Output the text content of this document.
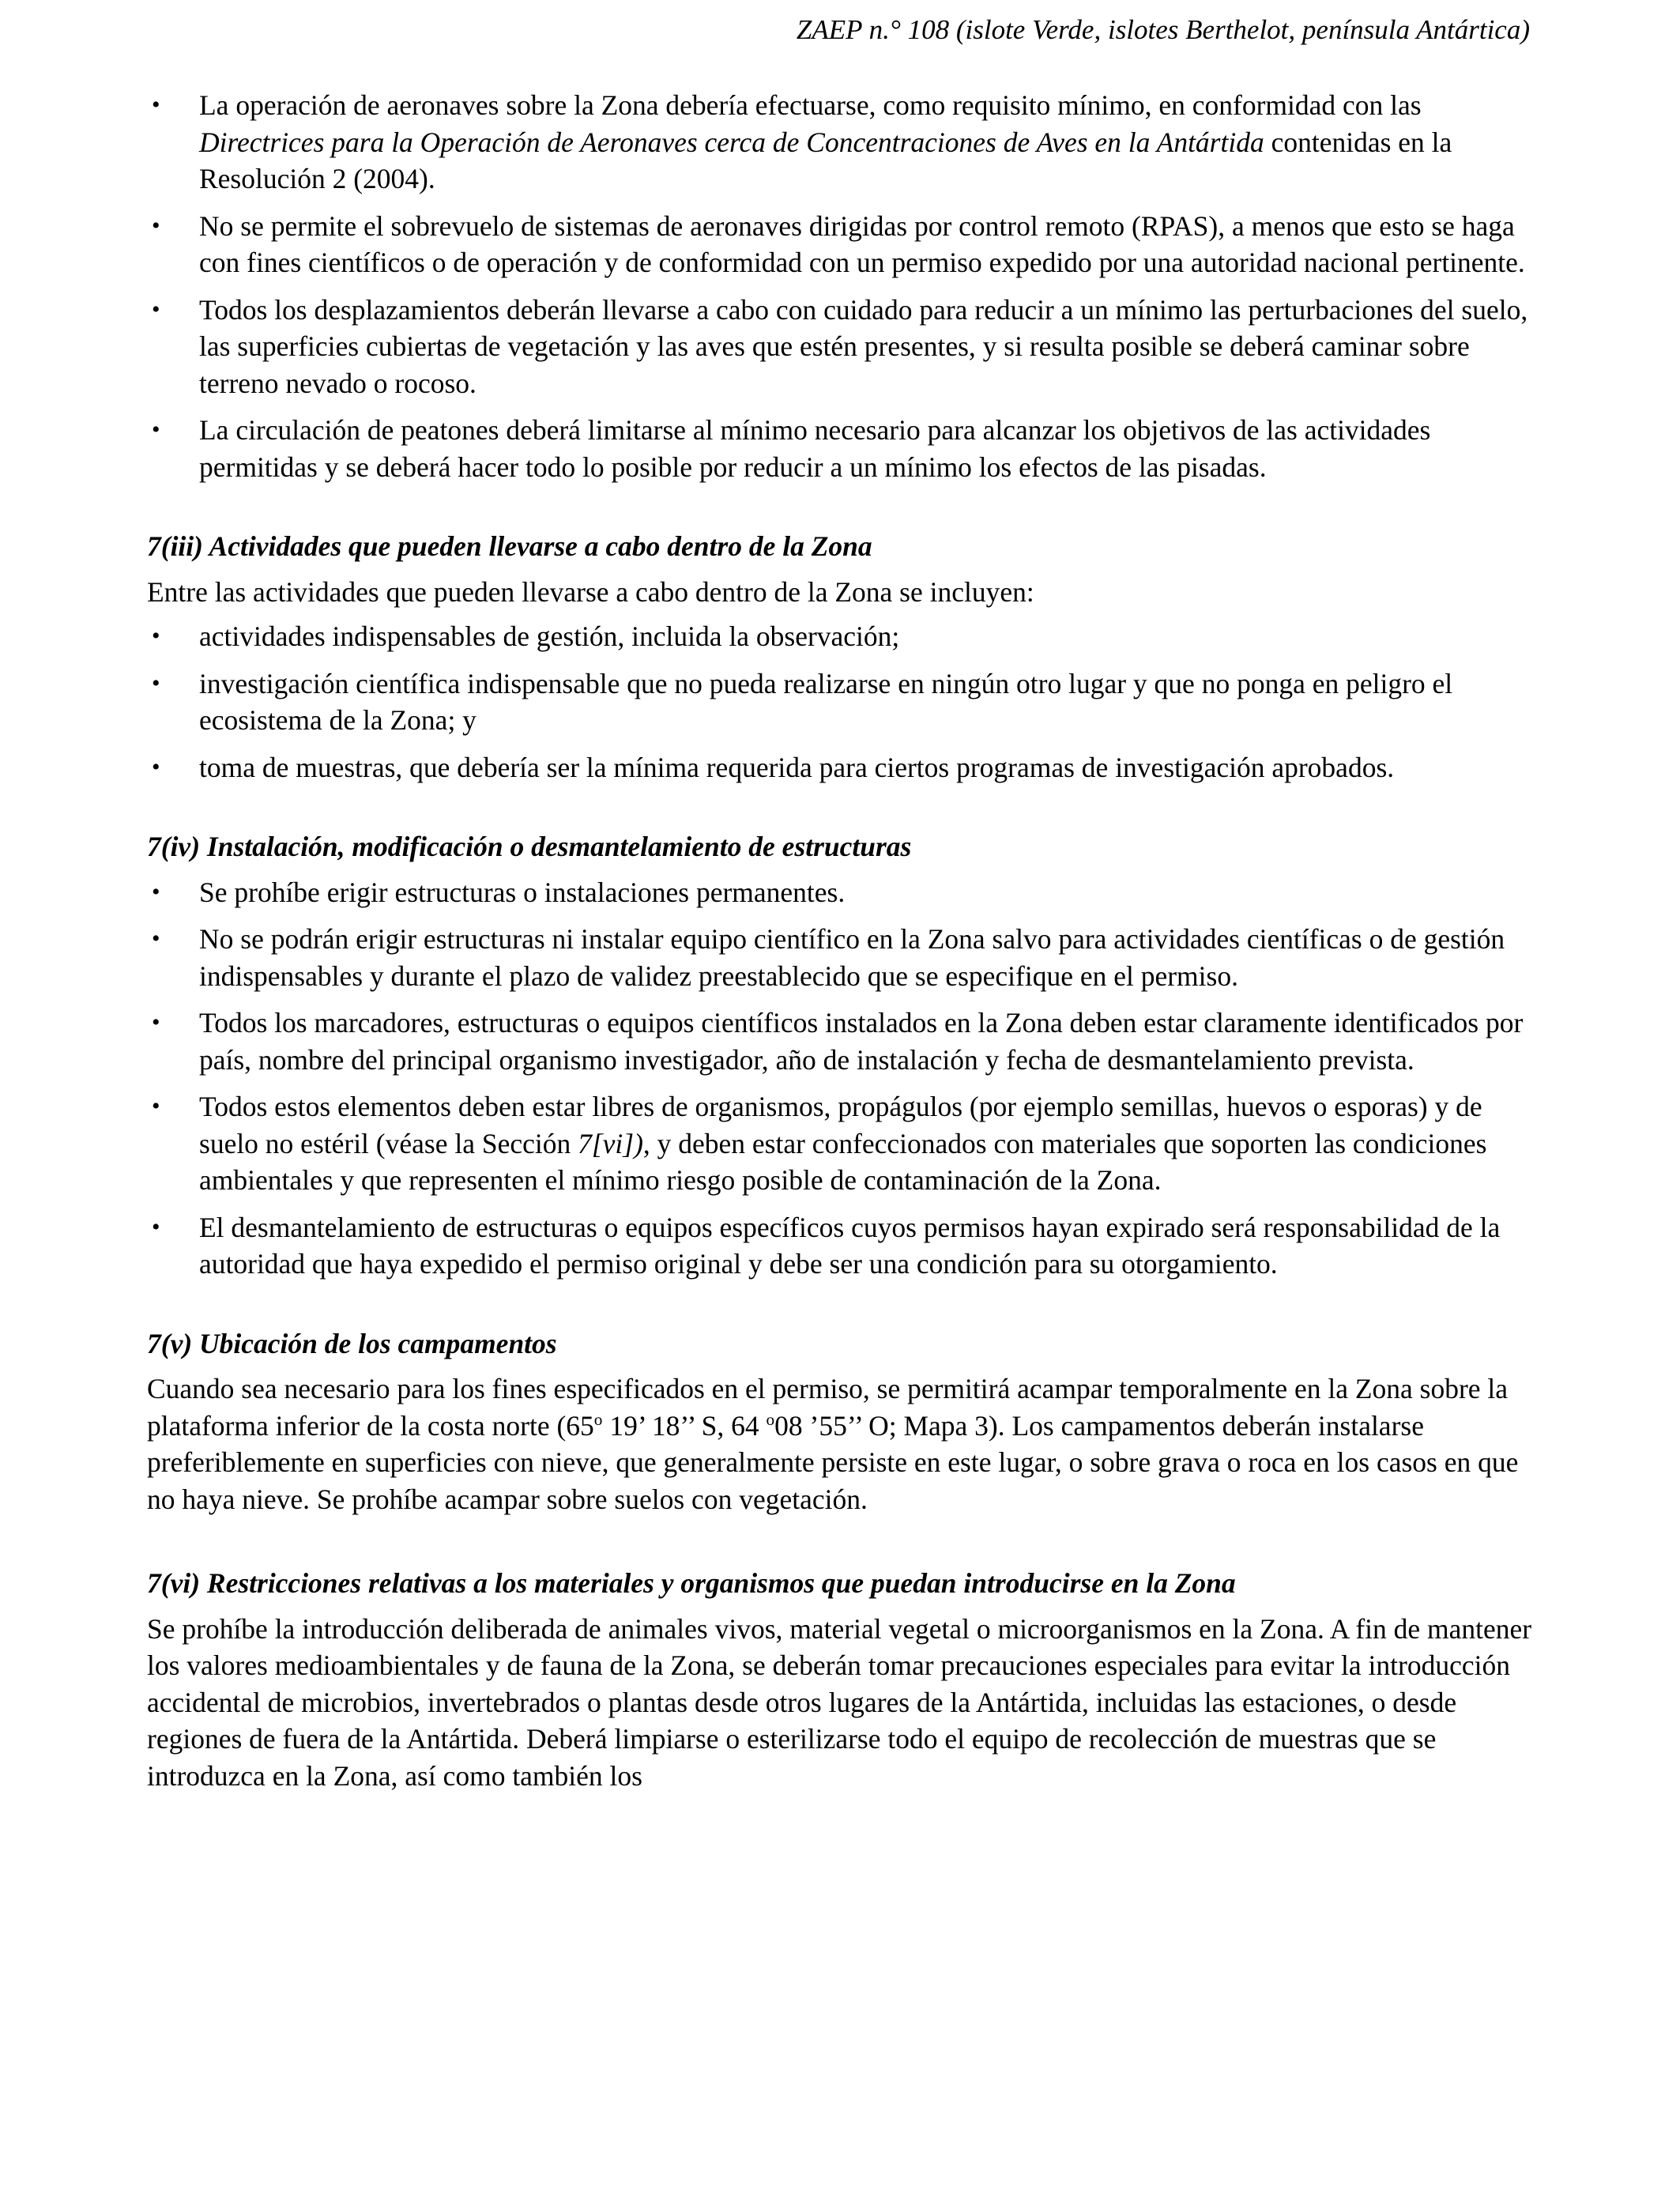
ZAEP n.° 108 (islote Verde, islotes Berthelot, península Antártica)
• La operación de aeronaves sobre la Zona debería efectuarse, como requisito mínimo, en conformidad con las Directrices para la Operación de Aeronaves cerca de Concentraciones de Aves en la Antártida contenidas en la Resolución 2 (2004).
• No se permite el sobrevuelo de sistemas de aeronaves dirigidas por control remoto (RPAS), a menos que esto se haga con fines científicos o de operación y de conformidad con un permiso expedido por una autoridad nacional pertinente.
• Todos los desplazamientos deberán llevarse a cabo con cuidado para reducir a un mínimo las perturbaciones del suelo, las superficies cubiertas de vegetación y las aves que estén presentes, y si resulta posible se deberá caminar sobre terreno nevado o rocoso.
• La circulación de peatones deberá limitarse al mínimo necesario para alcanzar los objetivos de las actividades permitidas y se deberá hacer todo lo posible por reducir a un mínimo los efectos de las pisadas.
7(iii) Actividades que pueden llevarse a cabo dentro de la Zona

Entre las actividades que pueden llevarse a cabo dentro de la Zona se incluyen:

• actividades indispensables de gestión, incluida la observación;
• investigación científica indispensable que no pueda realizarse en ningún otro lugar y que no ponga en peligro el ecosistema de la Zona; y
• toma de muestras, que debería ser la mínima requerida para ciertos programas de investigación aprobados.
7(iv) Instalación, modificación o desmantelamiento de estructuras
• Se prohíbe erigir estructuras o instalaciones permanentes.
• No se podrán erigir estructuras ni instalar equipo científico en la Zona salvo para actividades científicas o de gestión indispensables y durante el plazo de validez preestablecido que se especifique en el permiso.
• Todos los marcadores, estructuras o equipos científicos instalados en la Zona deben estar claramente identificados por país, nombre del principal organismo investigador, año de instalación y fecha de desmantelamiento prevista.
• Todos estos elementos deben estar libres de organismos, propágulos (por ejemplo semillas, huevos o esporas) y de suelo no estéril (véase la Sección 7[vi]), y deben estar confeccionados con materiales que soporten las condiciones ambientales y que representen el mínimo riesgo posible de contaminación de la Zona.
• El desmantelamiento de estructuras o equipos específicos cuyos permisos hayan expirado será responsabilidad de la autoridad que haya expedido el permiso original y debe ser una condición para su otorgamiento.
7(v) Ubicación de los campamentos

Cuando sea necesario para los fines especificados en el permiso, se permitirá acampar temporalmente en la Zona sobre la plataforma inferior de la costa norte (65$^o$ 19’ 18’’ S, 64 $^o$08 ’55’’ O; Mapa 3). Los campamentos deberán instalarse preferiblemente en superficies con nieve, que generalmente persiste en este lugar, o sobre grava o roca en los casos en que no haya nieve. Se prohíbe acampar sobre suelos con vegetación.

7(vi) Restricciones relativas a los materiales y organismos que puedan introducirse en la Zona

Se prohíbe la introducción deliberada de animales vivos, material vegetal o microorganismos en la Zona. A fin de mantener los valores medioambientales y de fauna de la Zona, se deberán tomar precauciones especiales para evitar la introducción accidental de microbios, invertebrados o plantas desde otros lugares de la Antártida, incluidas las estaciones, o desde regiones de fuera de la Antártida. Deberá limpiarse o esterilizarse todo el equipo de recolección de muestras que se introduzca en la Zona, así como también los
